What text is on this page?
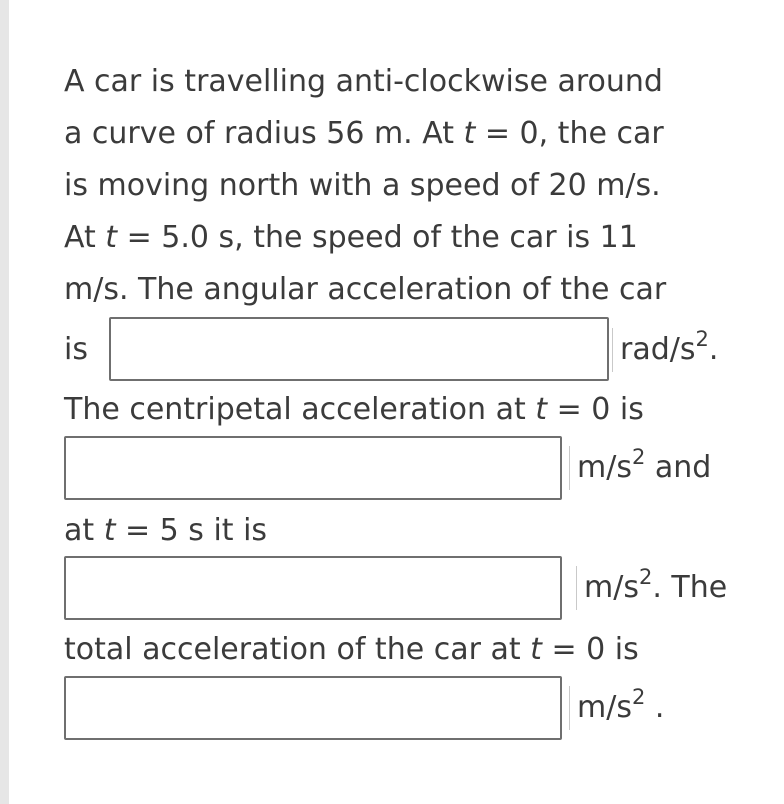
A car is travelling anti-clockwise around
a curve of radius 56 m. At t = 0, the car
is moving north with a speed of 20 m/s.
At t = 5.0 s, the speed of the car is 11
m/s. The angular acceleration of the car
is	rad/$s^2$.
The centripetal acceleration at t = 0 is
$m/s^2$ and
at t = 5 s it is
$m/s^2$. The
total acceleration of the car at t = 0 is
$m/s^2$ .
